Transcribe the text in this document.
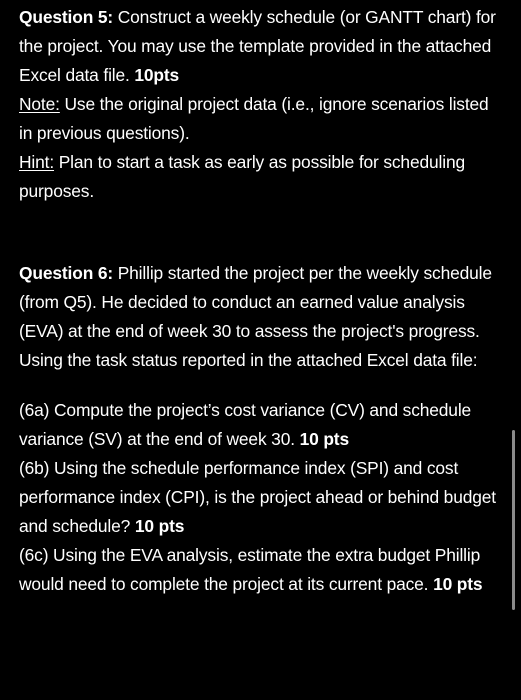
Question 5: Construct a weekly schedule (or GANTT chart) for the project. You may use the template provided in the attached Excel data file. 10pts
Note: Use the original project data (i.e., ignore scenarios listed in previous questions).
Hint: Plan to start a task as early as possible for scheduling purposes.

Question 6: Phillip started the project per the weekly schedule (from Q5). He decided to conduct an earned value analysis (EVA) at the end of week 30 to assess the project's progress. Using the task status reported in the attached Excel data file:

(6a) Compute the project’s cost variance (CV) and schedule variance (SV) at the end of week 30. 10 pts
(6b) Using the schedule performance index (SPI) and cost performance index (CPI), is the project ahead or behind budget and schedule? 10 pts
(6c) Using the EVA analysis, estimate the extra budget Phillip would need to complete the project at its current pace. 10 pts
